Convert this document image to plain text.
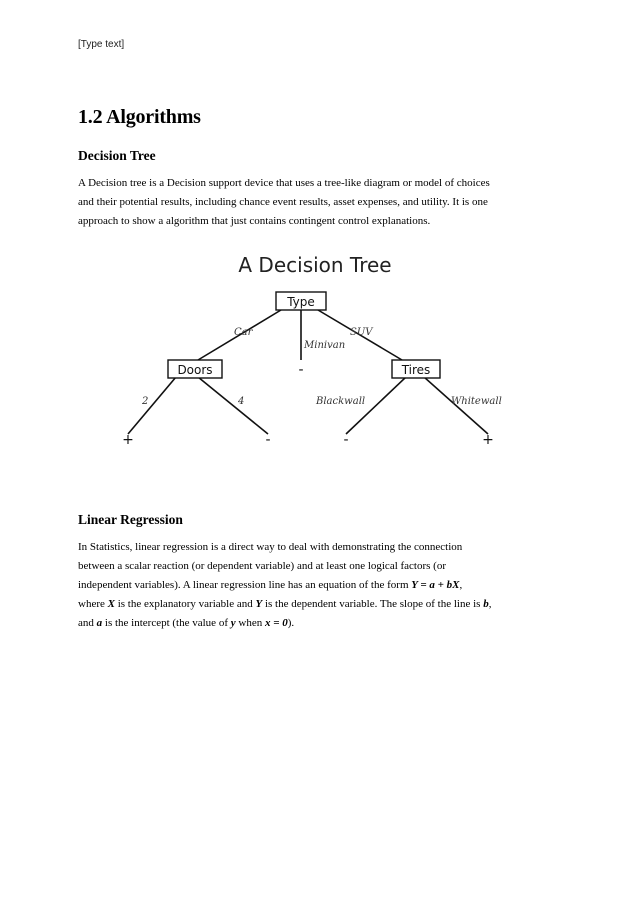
[Type text]
1.2 Algorithms
Decision Tree

A Decision tree is a Decision support device that uses a tree-like diagram or model of choices

and their potential results, including chance event results, asset expenses, and utility. It is one

approach to show a algorithm that just contains contingent control explanations.

A Decision Tree
Type
Doors	Tires
Car	SUV
Minivan
-
2	4	Blackwall	Whitewall
+	-	-	+
Linear Regression

In Statistics, linear regression is a direct way to deal with demonstrating the connection

between a scalar reaction (or dependent variable) and at least one logical factors (or

independent variables). A linear regression line has an equation of the form Y = a + bX,

where X is the explanatory variable and Y is the dependent variable. The slope of the line is b,

and a is the intercept (the value of y when x = 0).
